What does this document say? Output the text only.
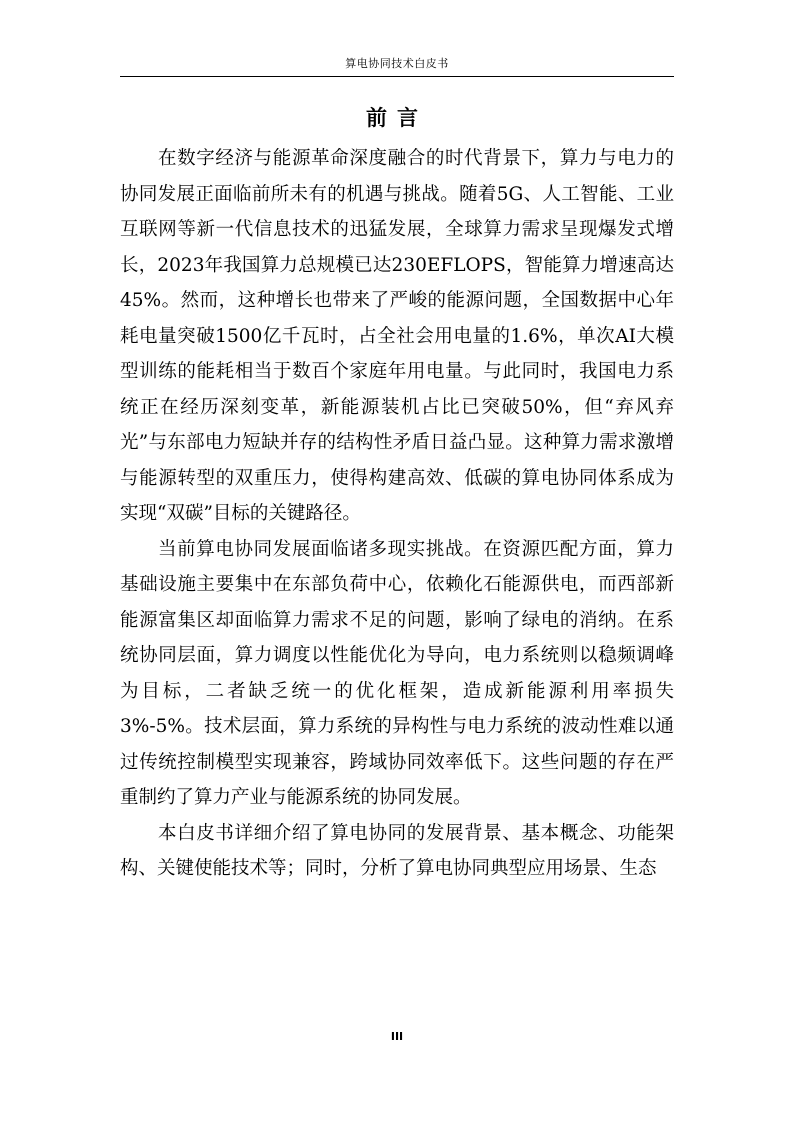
算电协同技术白皮书
前言

在数字经济与能源革命深度融合的时代背景下，算力与电力的协同发展正面临前所未有的机遇与挑战。随着5G、人工智能、工业互联网等新一代信息技术的迅猛发展，全球算力需求呈现爆发式增长，2023年我国算力总规模已达230EFLOPS，智能算力增速高达45%。然而，这种增长也带来了严峻的能源问题，全国数据中心年耗电量突破1500亿千瓦时，占全社会用电量的1.6%，单次AI大模型训练的能耗相当于数百个家庭年用电量。与此同时，我国电力系统正在经历深刻变革，新能源装机占比已突破50%，但“弃风弃光”与东部电力短缺并存的结构性矛盾日益凸显。这种算力需求激增与能源转型的双重压力，使得构建高效、低碳的算电协同体系成为实现“双碳”目标的关键路径。

当前算电协同发展面临诸多现实挑战。在资源匹配方面，算力基础设施主要集中在东部负荷中心，依赖化石能源供电，而西部新能源富集区却面临算力需求不足的问题，影响了绿电的消纳。在系统协同层面，算力调度以性能优化为导向，电力系统则以稳频调峰为目标，二者缺乏统一的优化框架，造成新能源利用率损失3%-5%。技术层面，算力系统的异构性与电力系统的波动性难以通过传统控制模型实现兼容，跨域协同效率低下。这些问题的存在严重制约了算力产业与能源系统的协同发展。

本白皮书详细介绍了算电协同的发展背景、基本概念、功能架构、关键使能技术等；同时，分析了算电协同典型应用场景、生态

III
